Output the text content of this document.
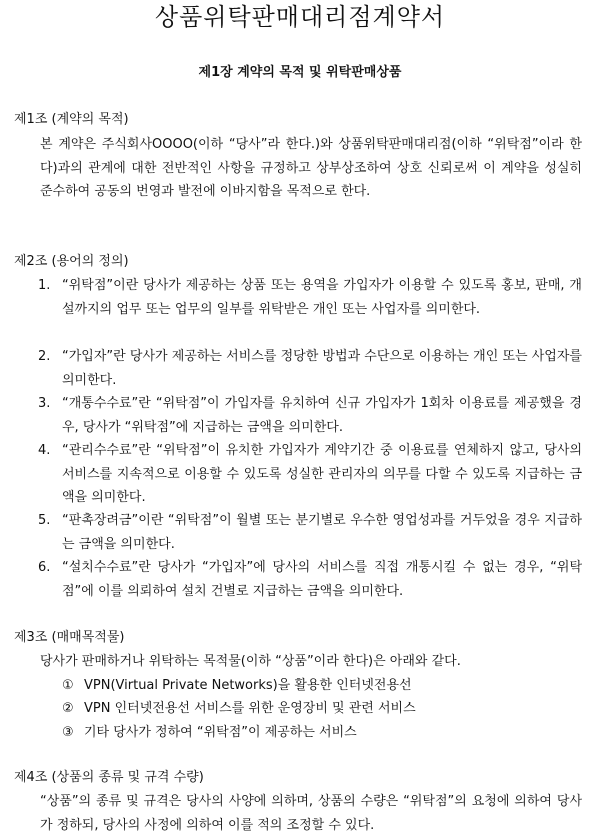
상품위탁판매대리점계약서
제1장 계약의 목적 및 위탁판매상품
제1조 (계약의 목적)

본 계약은 주식회사OOOO(이하 “당사”라 한다.)와 상품위탁판매대리점(이하 “위탁점”이라 한다)과의 관계에 대한 전반적인 사항을 규정하고 상부상조하여 상호 신뢰로써 이 계약을 성실히 준수하여 공동의 번영과 발전에 이바지함을 목적으로 한다.

제2조 (용어의 정의)
1. “위탁점”이란 당사가 제공하는 상품 또는 용역을 가입자가 이용할 수 있도록 홍보, 판매, 개설까지의 업무 또는 업무의 일부를 위탁받은 개인 또는 사업자를 의미한다.
2. “가입자”란 당사가 제공하는 서비스를 정당한 방법과 수단으로 이용하는 개인 또는 사업자를 의미한다.
3. “개통수수료”란 “위탁점”이 가입자를 유치하여 신규 가입자가 1회차 이용료를 제공했을 경우, 당사가 “위탁점”에 지급하는 금액을 의미한다.
4. “관리수수료”란 “위탁점”이 유치한 가입자가 계약기간 중 이용료를 연체하지 않고, 당사의 서비스를 지속적으로 이용할 수 있도록 성실한 관리자의 의무를 다할 수 있도록 지급하는 금액을 의미한다.
5. “판촉장려금”이란 “위탁점”이 월별 또는 분기별로 우수한 영업성과를 거두었을 경우 지급하는 금액을 의미한다.
6. “설치수수료”란 당사가 “가입자”에 당사의 서비스를 직접 개통시킬 수 없는 경우, “위탁점”에 이를 의뢰하여 설치 건별로 지급하는 금액을 의미한다.
제3조 (매매목적물)

당사가 판매하거나 위탁하는 목적물(이하 “상품”이라 한다)은 아래와 같다.

① VPN(Virtual Private Networks)을 활용한 인터넷전용선
② VPN 인터넷전용선 서비스를 위한 운영장비 및 관련 서비스
③ 기타 당사가 정하여 “위탁점”이 제공하는 서비스
제4조 (상품의 종류 및 규격 수량)

“상품”의 종류 및 규격은 당사의 사양에 의하며, 상품의 수량은 “위탁점”의 요청에 의하여 당사가 정하되, 당사의 사정에 의하여 이를 적의 조정할 수 있다.
